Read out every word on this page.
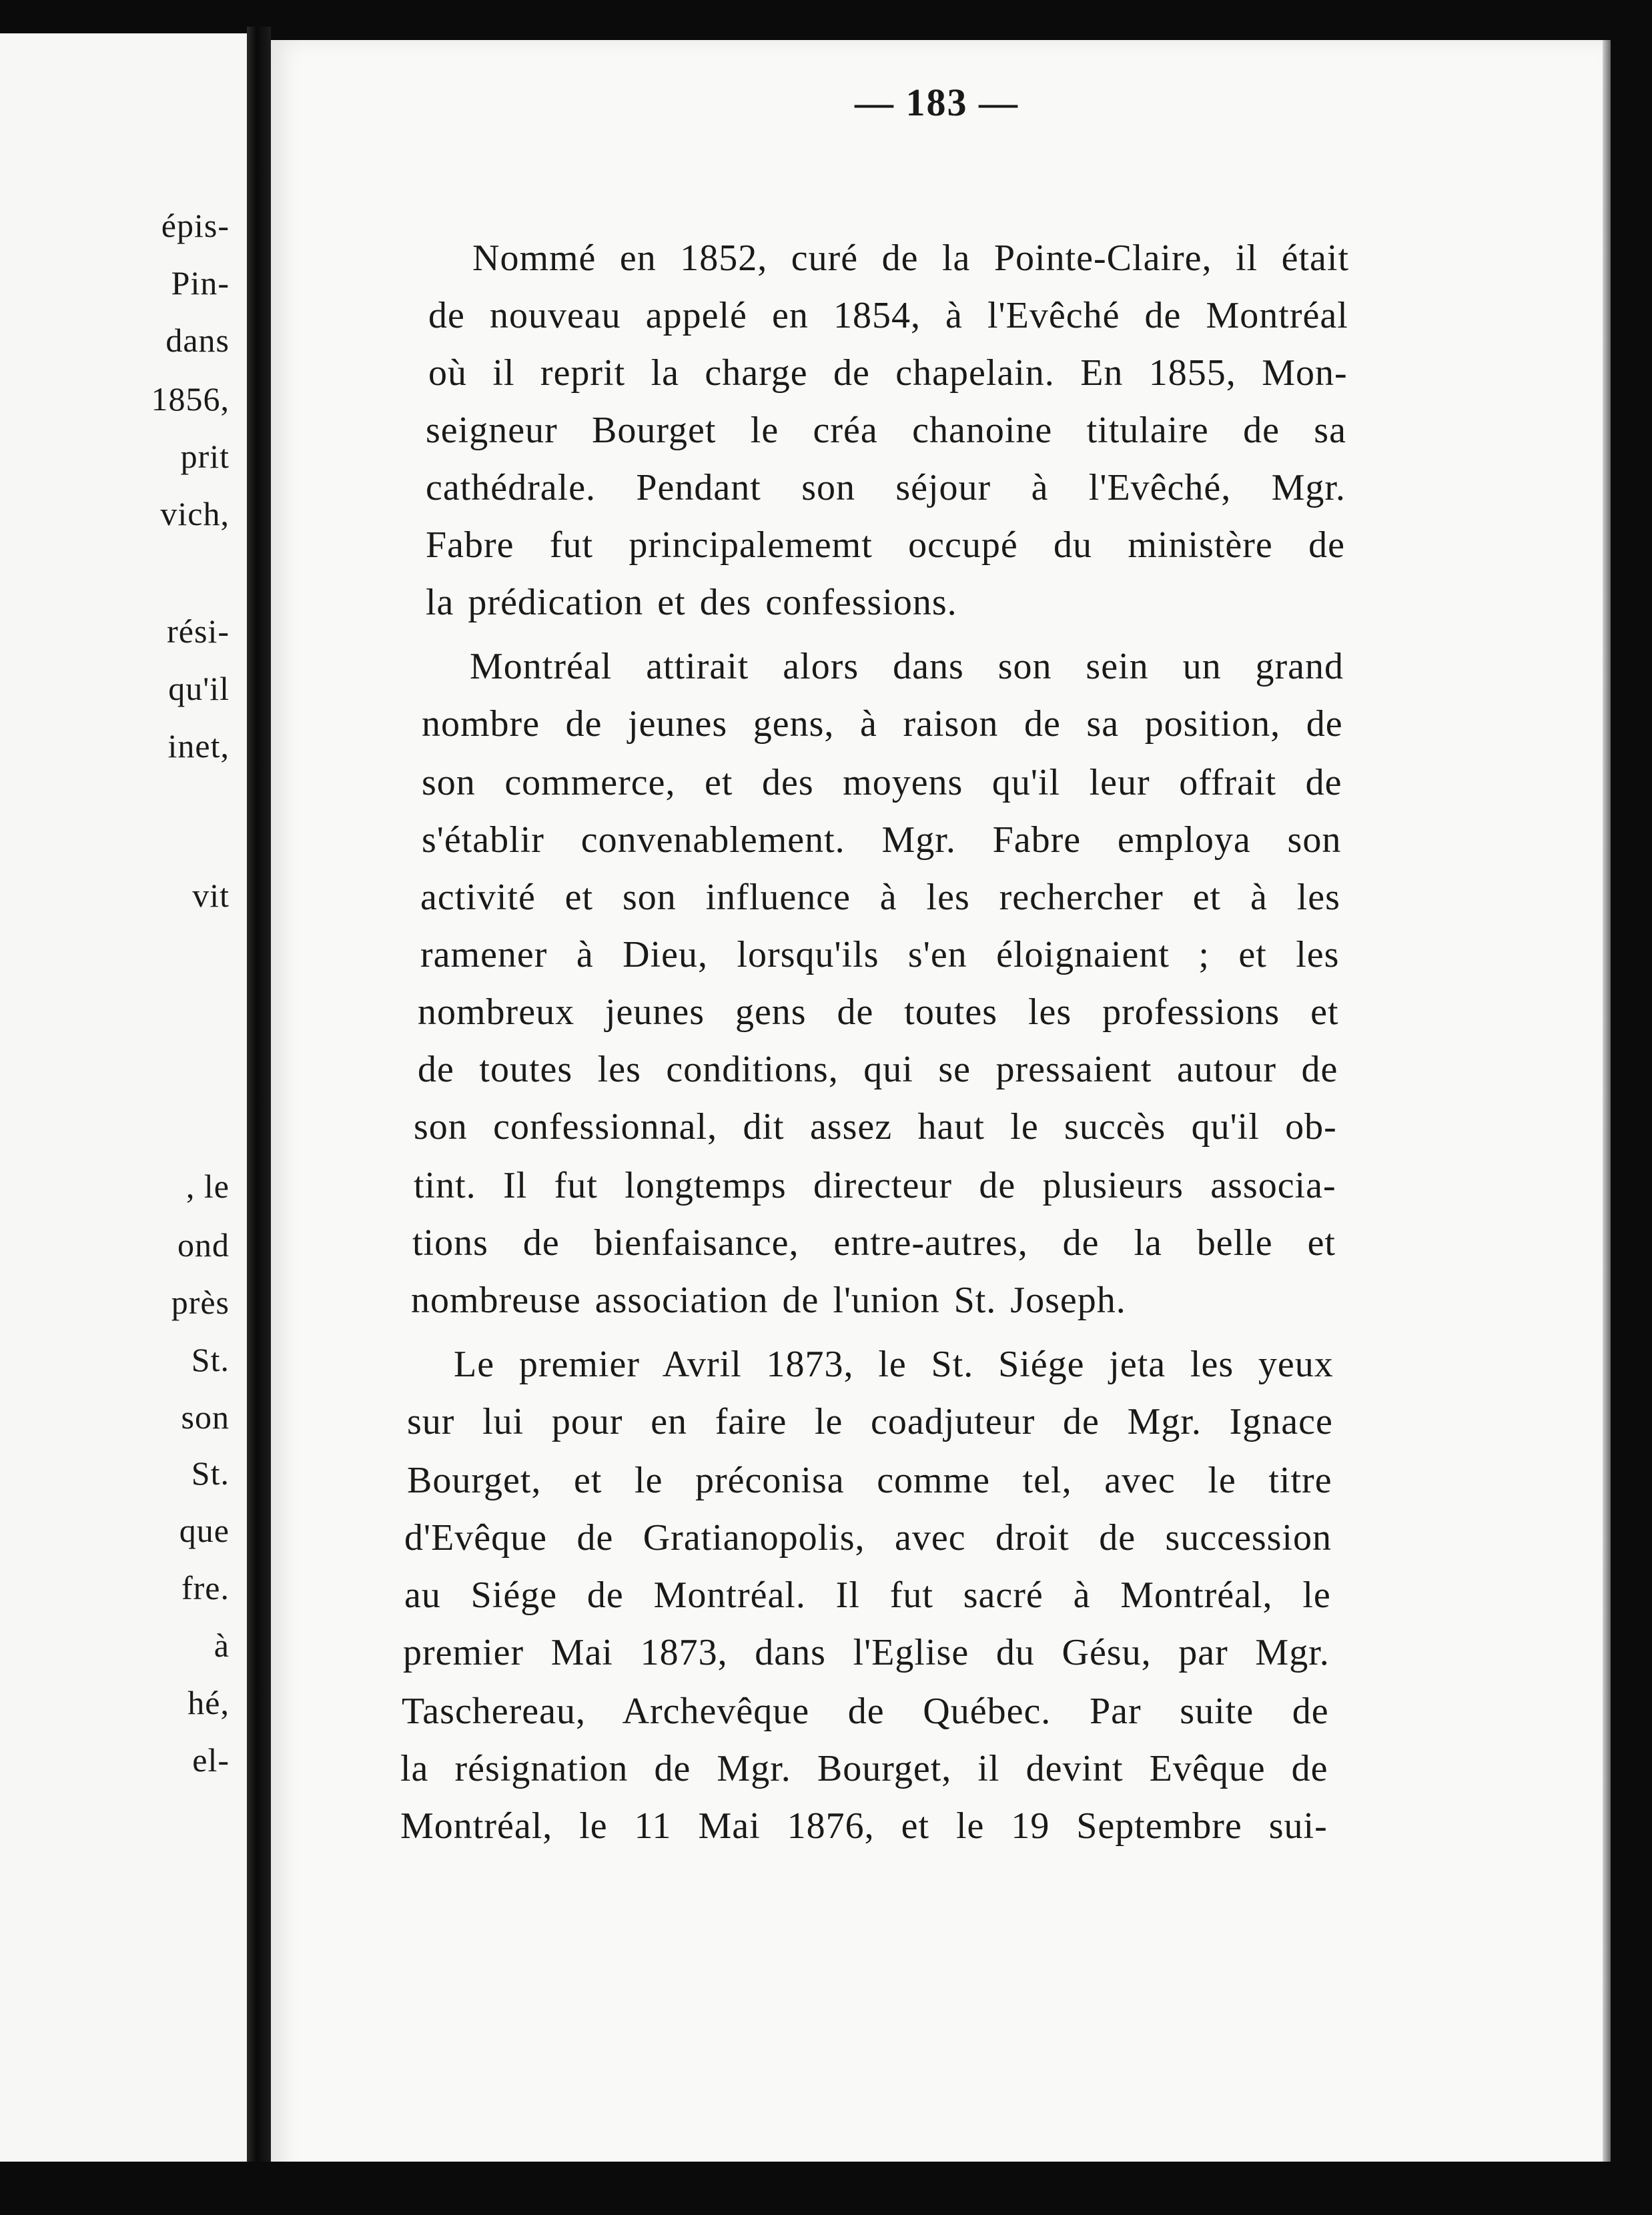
épis-
Pin-
dans
1856,
prit
vich,
rési-
qu'il
inet,
vit
, le
ond
près
St.
son
St.
que
fre.
à
hé,
el-
— 183 —
Nommé en 1852, curé de la Pointe-Claire, il était
de nouveau appelé en 1854, à l'Evêché de Montréal
où il reprit la charge de chapelain. En 1855, Mon-
seigneur Bourget le créa chanoine titulaire de sa
cathédrale. Pendant son séjour à l'Evêché, Mgr.
Fabre fut principalememt occupé du ministère de
la prédication et des confessions.
Montréal attirait alors dans son sein un grand
nombre de jeunes gens, à raison de sa position, de
son commerce, et des moyens qu'il leur offrait de
s'établir convenablement. Mgr. Fabre employa son
activité et son influence à les rechercher et à les
ramener à Dieu, lorsqu'ils s'en éloignaient ; et les
nombreux jeunes gens de toutes les professions et
de toutes les conditions, qui se pressaient autour de
son confessionnal, dit assez haut le succès qu'il ob-
tint. Il fut longtemps directeur de plusieurs associa-
tions de bienfaisance, entre-autres, de la belle et
nombreuse association de l'union St. Joseph.
Le premier Avril 1873, le St. Siége jeta les yeux
sur lui pour en faire le coadjuteur de Mgr. Ignace
Bourget, et le préconisa comme tel, avec le titre
d'Evêque de Gratianopolis, avec droit de succession
au Siége de Montréal. Il fut sacré à Montréal, le
premier Mai 1873, dans l'Eglise du Gésu, par Mgr.
Taschereau, Archevêque de Québec. Par suite de
la résignation de Mgr. Bourget, il devint Evêque de
Montréal, le 11 Mai 1876, et le 19 Septembre sui-
